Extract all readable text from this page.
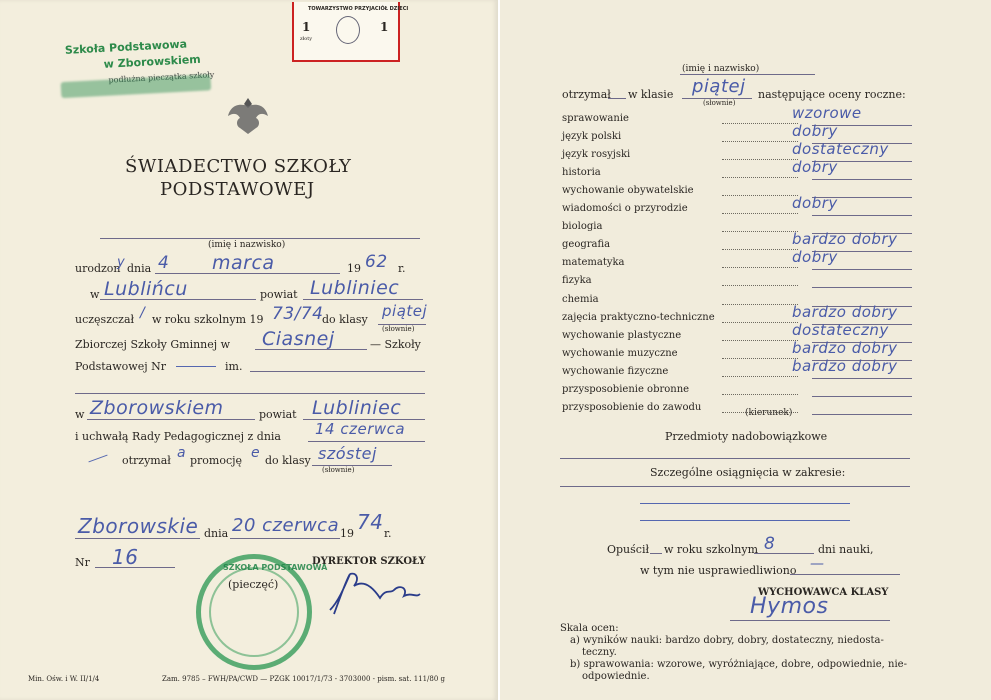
Szkoła Podstawowa
w Zborowskiem
podłużna pieczątka szkoły
TOWARZYSTWO PRZYJACIÓŁ DZIECI
1	1
złoty
ŚWIADECTWO SZKOŁY
PODSTAWOWEJ
(imię i nazwisko)
urodzon
y dnia 4 marca	19 62 r.
w Lublińcu	powiat Lubliniec
uczęszczał / w roku szkolnym 19 73/74
do klasy piątej
(słownie)
Zbiorczej Szkoły Gminnej w Ciasnej	— Szkoły
Podstawowej Nr	im.
w Zborowskiem	powiat Lubliniec
i uchwałą Rady Pedagogicznej z dnia 14 czerwca
otrzymał a promocję e do klasy szóstej
(słownie)
Zborowskie dnia 20 czerwca 19 74 r.
Nr 16	DYREKTOR SZKOŁY
SZKOŁA PODSTAWOWA
(pieczęć)
Min. Ośw. i W. II/1/4	Zam. 9785 – FWH/PA/CWD — PZGK 10017/1/73 - 3703000 - pism. sat. 111/80 g
(imię i nazwisko)
otrzymał w klasie piątej
(słownie)
następujące oceny roczne:
sprawowanie	wzorowe
język polski	dobry
język rosyjski	dostateczny
historia	dobry
wychowanie obywatelskie
wiadomości o przyrodzie	dobry
biologia
geografia	bardzo dobry
matematyka	dobry
fizyka
chemia
zajęcia praktyczno-techniczne	bardzo dobry
wychowanie plastyczne	dostateczny
wychowanie muzyczne	bardzo dobry
wychowanie fizyczne	bardzo dobry
przysposobienie obronne
przysposobienie do zawodu	(kierunek)
Przedmioty nadobowiązkowe
Szczególne osiągnięcia w zakresie:
Opuścił w roku szkolnym 8	dni nauki,
w tym nie usprawiedliwiono —
WYCHOWAWCA KLASY
Hymos
Skala ocen:
a) wyników nauki: bardzo dobry, dobry, dostateczny, niedosta-
teczny.
b) sprawowania: wzorowe, wyróżniające, dobre, odpowiednie, nie-
odpowiednie.
